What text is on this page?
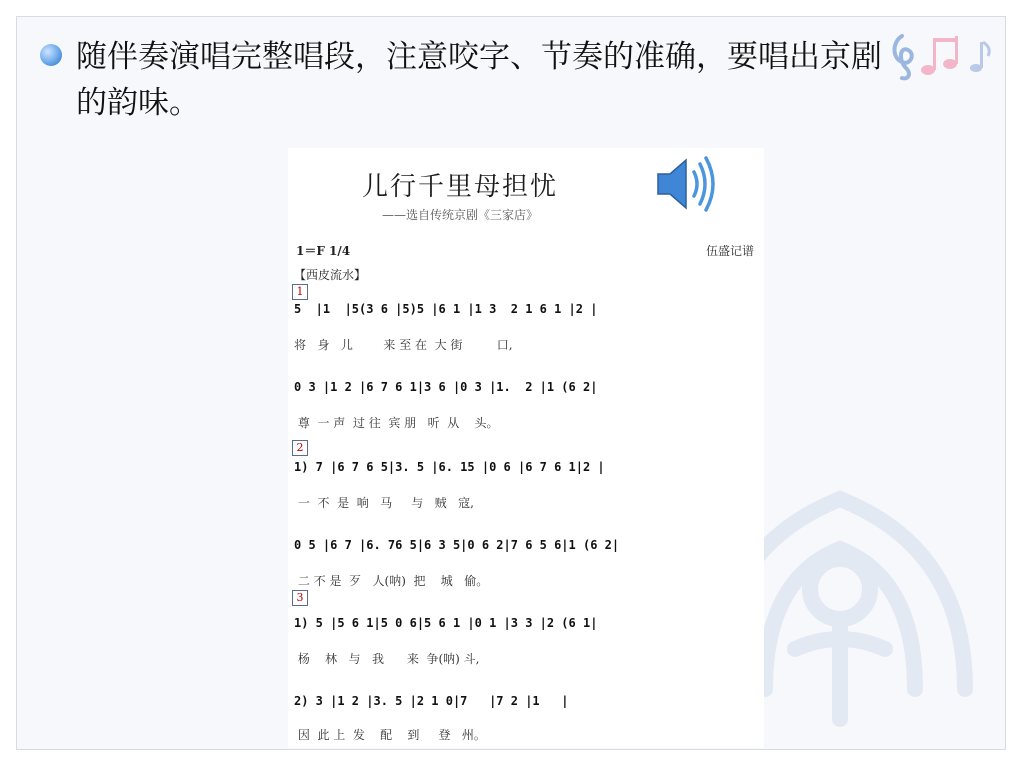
随伴奏演唱完整唱段，注意咬字、节奏的准确，要唱出京剧的韵味。
儿行千里母担忧
——选自传统京剧《三家店》
1＝F 1/4	伍盛记谱
【西皮流水】
1
2
3
5  |1  |5(3 6 |5)5 |6 1 |1 3  2 1 6 1 |2 |
将   身   儿        来 至 在  大 街         口,
0 3 |1 2 |6 7 6 1|3 6 |0 3 |1.  2 |1 (6 2|
尊  一 声  过 往  宾 朋   听  从    头。
1) 7 |6 7 6 5|3. 5 |6. 15 |0 6 |6 7 6 1|2 |
一  不  是  响   马     与   贼   寇,
0 5 |6 7 |6. 76 5|6 3 5|0 6 2|7 6 5 6|1 (6 2|
二 不 是  歹   人(呐)  把    城   偷。
1) 5 |5 6 1|5 0 6|5 6 1 |0 1 |3 3 |2 (6 1|
杨    林   与   我      来  争(呐) 斗,
2) 3 |1 2 |3. 5 |2 1 0|7   |7 2 |1   |
因  此 上  发    配    到     登   州。
